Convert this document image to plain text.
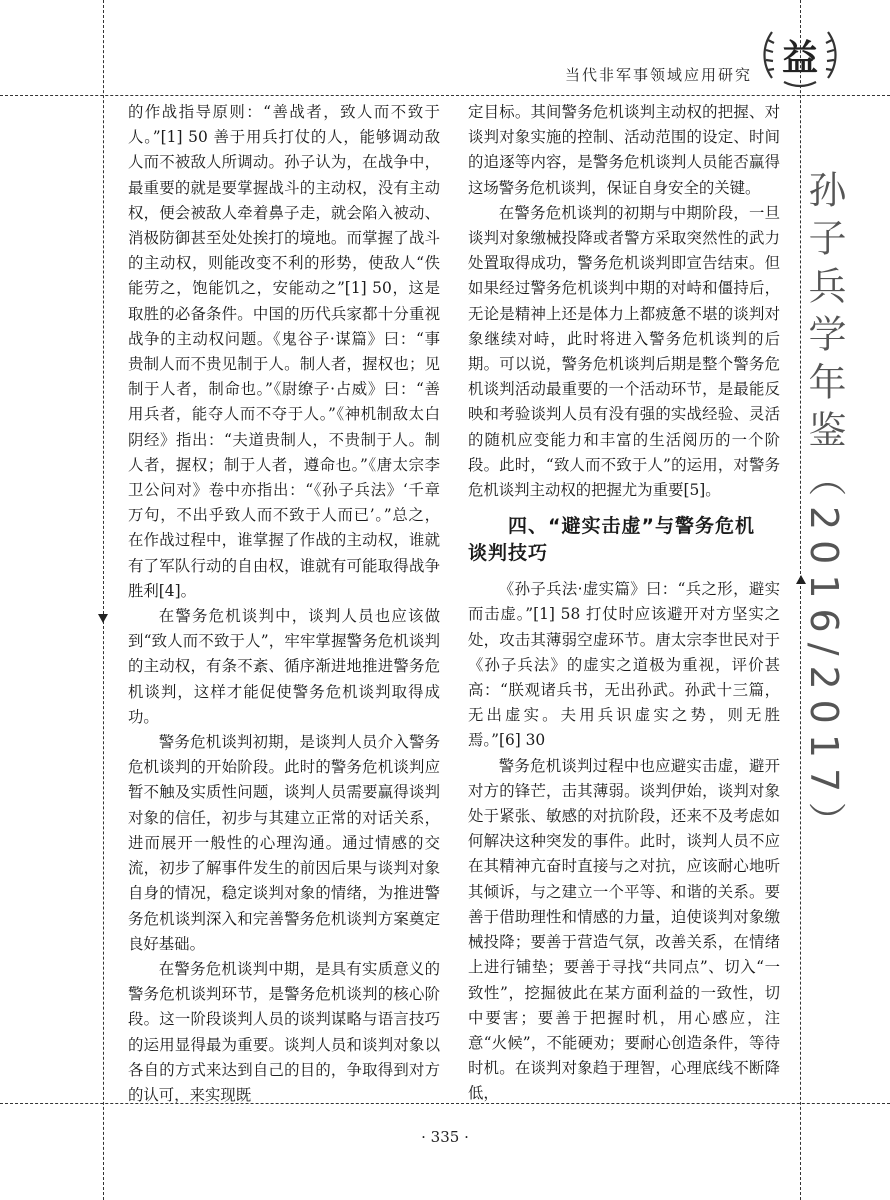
当代非军事领域应用研究 益
孙子兵学年鉴（2016/2017）

的作战指导原则：“善战者，致人而不致于人。”[1] 50 善于用兵打仗的人，能够调动敌人而不被敌人所调动。孙子认为，在战争中，最重要的就是要掌握战斗的主动权，没有主动权，便会被敌人牵着鼻子走，就会陷入被动、消极防御甚至处处挨打的境地。而掌握了战斗的主动权，则能改变不利的形势，使敌人“佚能劳之，饱能饥之，安能动之”[1] 50，这是取胜的必备条件。中国的历代兵家都十分重视战争的主动权问题。《鬼谷子·谋篇》曰：“事贵制人而不贵见制于人。制人者，握权也；见制于人者，制命也。”《尉缭子·占威》曰：“善用兵者，能夺人而不夺于人。”《神机制敌太白阴经》指出：“夫道贵制人，不贵制于人。制人者，握权；制于人者，遵命也。”《唐太宗李卫公问对》卷中亦指出：“《孙子兵法》‘千章万句，不出乎致人而不致于人而已’。”总之，在作战过程中，谁掌握了作战的主动权，谁就有了军队行动的自由权，谁就有可能取得战争胜利[4]。

在警务危机谈判中，谈判人员也应该做到“致人而不致于人”，牢牢掌握警务危机谈判的主动权，有条不紊、循序渐进地推进警务危机谈判，这样才能促使警务危机谈判取得成功。

警务危机谈判初期，是谈判人员介入警务危机谈判的开始阶段。此时的警务危机谈判应暂不触及实质性问题，谈判人员需要赢得谈判对象的信任，初步与其建立正常的对话关系，进而展开一般性的心理沟通。通过情感的交流，初步了解事件发生的前因后果与谈判对象自身的情况，稳定谈判对象的情绪，为推进警务危机谈判深入和完善警务危机谈判方案奠定良好基础。

在警务危机谈判中期，是具有实质意义的警务危机谈判环节，是警务危机谈判的核心阶段。这一阶段谈判人员的谈判谋略与语言技巧的运用显得最为重要。谈判人员和谈判对象以各自的方式来达到自己的目的，争取得到对方的认可，来实现既

定目标。其间警务危机谈判主动权的把握、对谈判对象实施的控制、活动范围的设定、时间的追逐等内容，是警务危机谈判人员能否赢得这场警务危机谈判，保证自身安全的关键。

在警务危机谈判的初期与中期阶段，一旦谈判对象缴械投降或者警方采取突然性的武力处置取得成功，警务危机谈判即宣告结束。但如果经过警务危机谈判中期的对峙和僵持后，无论是精神上还是体力上都疲惫不堪的谈判对象继续对峙，此时将进入警务危机谈判的后期。可以说，警务危机谈判后期是整个警务危机谈判活动最重要的一个活动环节，是最能反映和考验谈判人员有没有强的实战经验、灵活的随机应变能力和丰富的生活阅历的一个阶段。此时，“致人而不致于人”的运用，对警务危机谈判主动权的把握尤为重要[5]。

四、“避实击虚”与警务危机
谈判技巧

《孙子兵法·虚实篇》曰：“兵之形，避实而击虚。”[1] 58 打仗时应该避开对方坚实之处，攻击其薄弱空虚环节。唐太宗李世民对于《孙子兵法》的虚实之道极为重视，评价甚高：“朕观诸兵书，无出孙武。孙武十三篇，无出虚实。夫用兵识虚实之势，则无胜焉。”[6] 30

警务危机谈判过程中也应避实击虚，避开对方的锋芒，击其薄弱。谈判伊始，谈判对象处于紧张、敏感的对抗阶段，还来不及考虑如何解决这种突发的事件。此时，谈判人员不应在其精神亢奋时直接与之对抗，应该耐心地听其倾诉，与之建立一个平等、和谐的关系。要善于借助理性和情感的力量，迫使谈判对象缴械投降；要善于营造气氛，改善关系，在情绪上进行铺垫；要善于寻找“共同点”、切入“一致性”，挖掘彼此在某方面利益的一致性，切中要害；要善于把握时机，用心感应，注意“火候”，不能硬劝；要耐心创造条件，等待时机。在谈判对象趋于理智，心理底线不断降低，

· 335 ·
